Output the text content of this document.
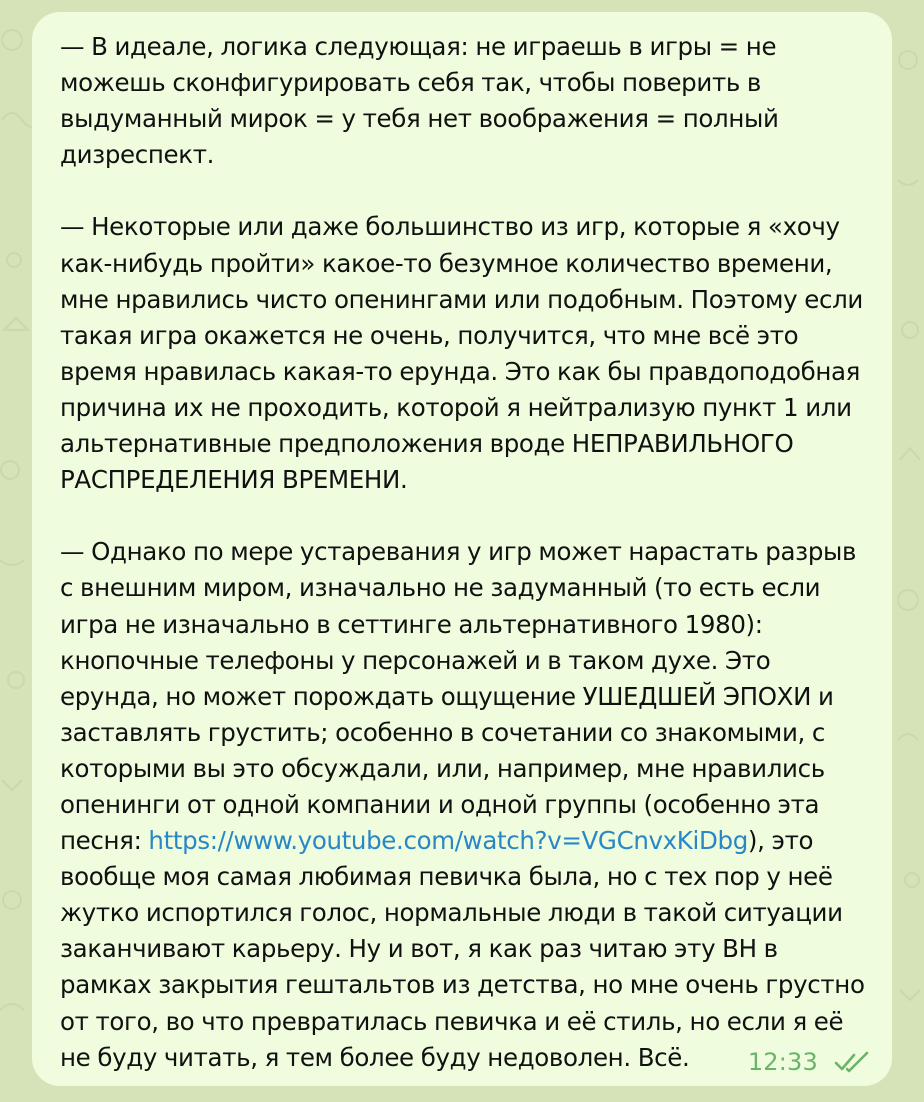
— В идеале, логика следующая: не играешь в игры = не можешь сконфигурировать себя так, чтобы поверить в выдуманный мирок = у тебя нет воображения = полный дизреспект.

— Некоторые или даже большинство из игр, которые я «хочу как-нибудь пройти» какое-то безумное количество времени, мне нравились чисто опенингами или подобным. Поэтому если такая игра окажется не очень, получится, что мне всё это время нравилась какая-то ерунда. Это как бы правдоподобная причина их не проходить, которой я нейтрализую пункт 1 или альтернативные предположения вроде НЕПРАВИЛЬНОГО РАСПРЕДЕЛЕНИЯ ВРЕМЕНИ.

— Однако по мере устаревания у игр может нарастать разрыв с внешним миром, изначально не задуманный (то есть если игра не изначально в сеттинге альтернативного 1980): кнопочные телефоны у персонажей и в таком духе. Это ерунда, но может порождать ощущение УШЕДШЕЙ ЭПОХИ и заставлять грустить; особенно в сочетании со знакомыми, с которыми вы это обсуждали, или, например, мне нравились опенинги от одной компании и одной группы (особенно эта песня: https://www.youtube.com/watch?v=VGCnvxKiDbg), это вообще моя самая любимая певичка была, но с тех пор у неё жутко испортился голос, нормальные люди в такой ситуации заканчивают карьеру. Ну и вот, я как раз читаю эту ВН в рамках закрытия гештальтов из детства, но мне очень грустно от того, во что превратилась певичка и её стиль, но если я её не буду читать, я тем более буду недоволен. Всё.	12:33
